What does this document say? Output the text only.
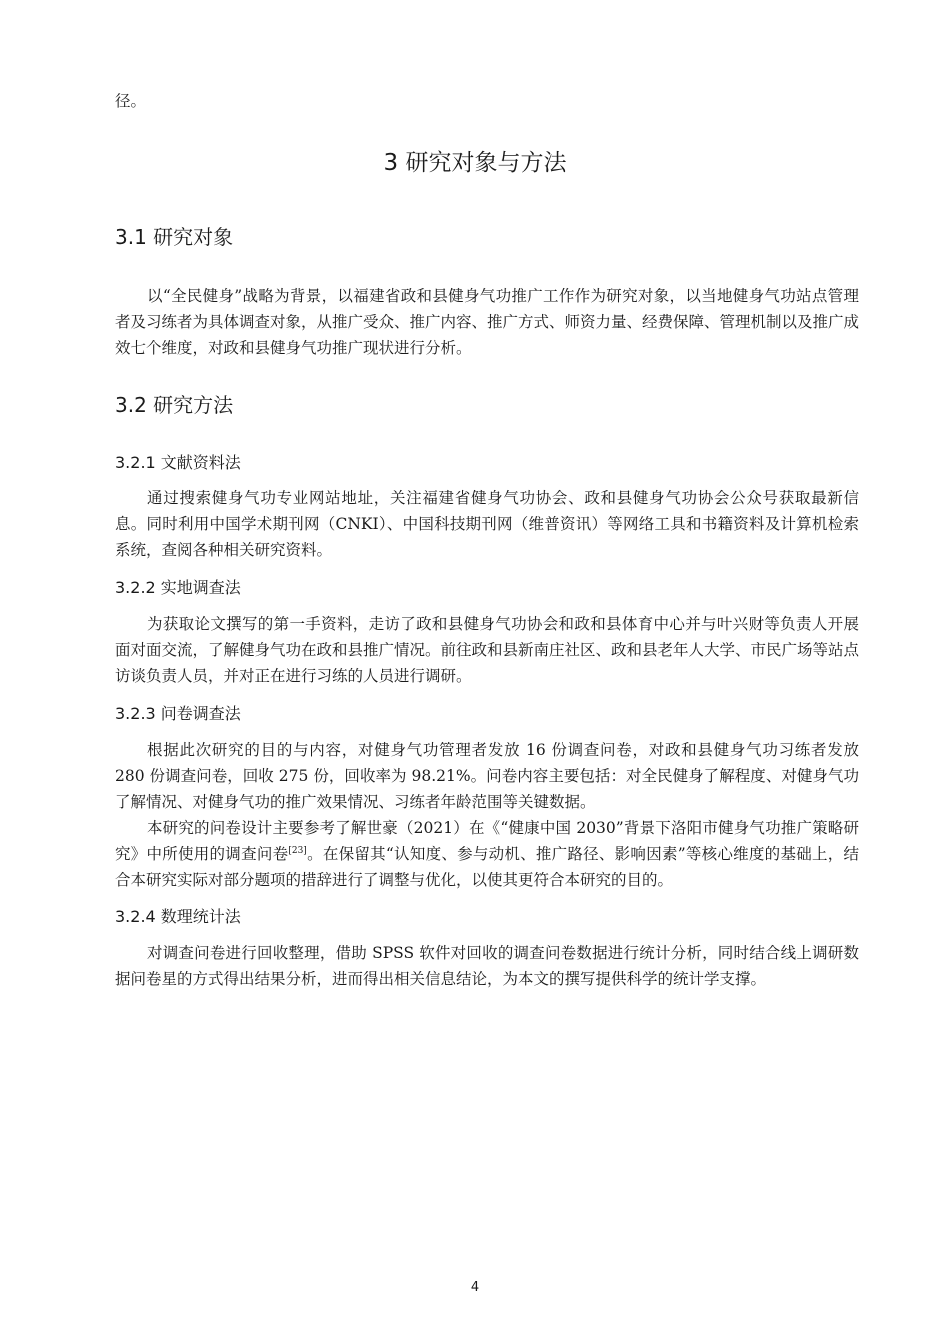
径。

3 研究对象与方法
3.1 研究对象

以“全民健身”战略为背景，以福建省政和县健身气功推广工作作为研究对象，以当地健身气功站点管理者及习练者为具体调查对象，从推广受众、推广内容、推广方式、师资力量、经费保障、管理机制以及推广成效七个维度，对政和县健身气功推广现状进行分析。

3.2 研究方法
3.2.1 文献资料法

通过搜索健身气功专业网站地址，关注福建省健身气功协会、政和县健身气功协会公众号获取最新信息。同时利用中国学术期刊网（CNKI）、中国科技期刊网（维普资讯）等网络工具和书籍资料及计算机检索系统，查阅各种相关研究资料。

3.2.2 实地调查法

为获取论文撰写的第一手资料，走访了政和县健身气功协会和政和县体育中心并与叶兴财等负责人开展面对面交流，了解健身气功在政和县推广情况。前往政和县新南庄社区、政和县老年人大学、市民广场等站点访谈负责人员，并对正在进行习练的人员进行调研。

3.2.3 问卷调查法

根据此次研究的目的与内容，对健身气功管理者发放 16 份调查问卷，对政和县健身气功习练者发放 280 份调查问卷，回收 275 份，回收率为 98.21%。问卷内容主要包括：对全民健身了解程度、对健身气功了解情况、对健身气功的推广效果情况、习练者年龄范围等关键数据。

本研究的问卷设计主要参考了解世豪（2021）在《“健康中国 2030”背景下洛阳市健身气功推广策略研究》中所使用的调查问卷[23]。在保留其“认知度、参与动机、推广路径、影响因素”等核心维度的基础上，结合本研究实际对部分题项的措辞进行了调整与优化，以使其更符合本研究的目的。

3.2.4 数理统计法

对调查问卷进行回收整理，借助 SPSS 软件对回收的调查问卷数据进行统计分析，同时结合线上调研数据问卷星的方式得出结果分析，进而得出相关信息结论，为本文的撰写提供科学的统计学支撑。

4
